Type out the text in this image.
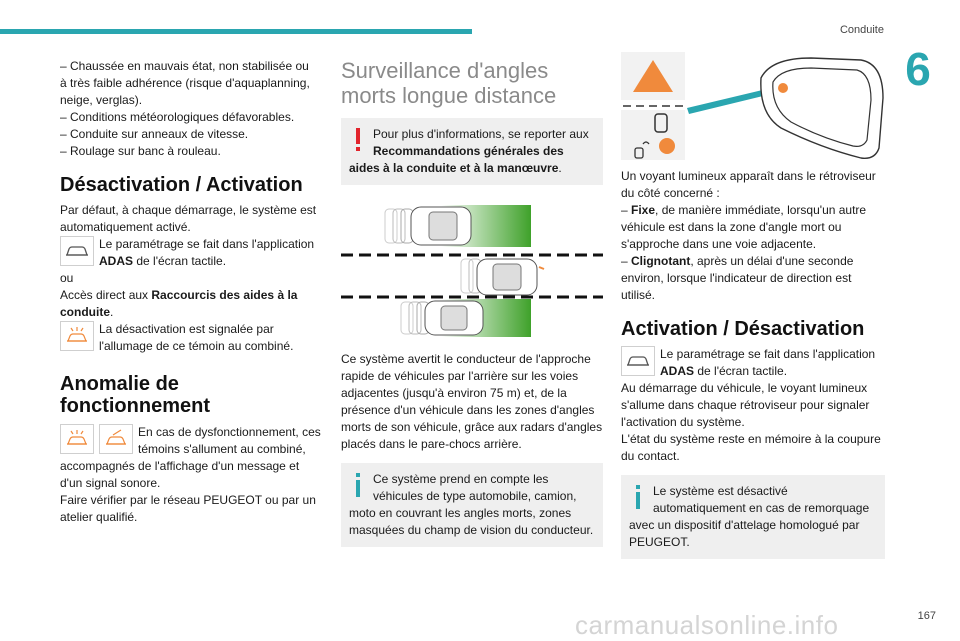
Conduite
6
167
carmanualsonline.info

– Chaussée en mauvais état, non stabilisée ou

à très faible adhérence (risque d'aquaplanning,

neige, verglas).

– Conditions météorologiques défavorables.

– Conduite sur anneaux de vitesse.

– Roulage sur banc à rouleau.

Désactivation / Activation

Par défaut, à chaque démarrage, le système est

automatiquement activé.

Le paramétrage se fait dans l'application

ADAS de l'écran tactile.

ou

Accès direct aux Raccourcis des aides à la

conduite.

La désactivation est signalée par

l'allumage de ce témoin au combiné.

Anomalie de
fonctionnement

En cas de dysfonctionnement, ces

témoins s'allument au combiné,

accompagnés de l'affichage d'un message et

d'un signal sonore.

Faire vérifier par le réseau PEUGEOT ou par un

atelier qualifié.

Surveillance d'angles
morts longue distance

Pour plus d'informations, se reporter aux

Recommandations générales des

aides à la conduite et à la manœuvre.

Ce système avertit le conducteur de l'approche

rapide de véhicules par l'arrière sur les voies

adjacentes (jusqu'à environ 75 m) et, de la

présence d'un véhicule dans les zones d'angles

morts de son véhicule, grâce aux radars d'angles

placés dans le pare-chocs arrière.

Ce système prend en compte les

véhicules de type automobile, camion,

moto en couvrant les angles morts, zones

masquées du champ de vision du conducteur.

Un voyant lumineux apparaît dans le rétroviseur

du côté concerné :

– Fixe, de manière immédiate, lorsqu'un autre

véhicule est dans la zone d'angle mort ou

s'approche dans une voie adjacente.

– Clignotant, après un délai d'une seconde

environ, lorsque l'indicateur de direction est

utilisé.

Activation / Désactivation

Le paramétrage se fait dans l'application

ADAS de l'écran tactile.

Au démarrage du véhicule, le voyant lumineux

s'allume dans chaque rétroviseur pour signaler

l'activation du système.

L'état du système reste en mémoire à la coupure

du contact.

Le système est désactivé

automatiquement en cas de remorquage

avec un dispositif d'attelage homologué par

PEUGEOT.
